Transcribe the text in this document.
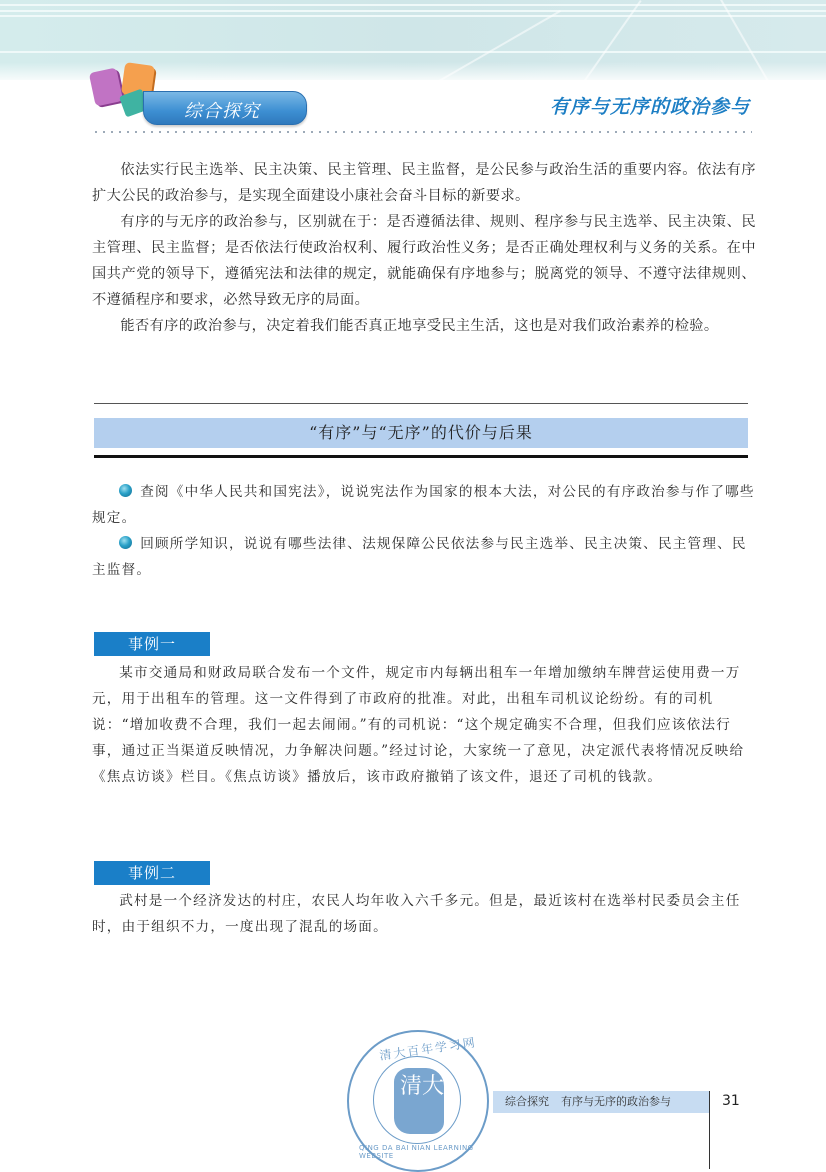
综合探究	有序与无序的政治参与

依法实行民主选举、民主决策、民主管理、民主监督，是公民参与政治生活的重要内容。依法有序扩大公民的政治参与，是实现全面建设小康社会奋斗目标的新要求。

有序的与无序的政治参与，区别就在于：是否遵循法律、规则、程序参与民主选举、民主决策、民主管理、民主监督；是否依法行使政治权利、履行政治性义务；是否正确处理权利与义务的关系。在中国共产党的领导下，遵循宪法和法律的规定，就能确保有序地参与；脱离党的领导、不遵守法律规则、不遵循程序和要求，必然导致无序的局面。

能否有序的政治参与，决定着我们能否真正地享受民主生活，这也是对我们政治素养的检验。

“有序”与“无序”的代价与后果

查阅《中华人民共和国宪法》，说说宪法作为国家的根本大法，对公民的有序政治参与作了哪些规定。

回顾所学知识，说说有哪些法律、法规保障公民依法参与民主选举、民主决策、民主管理、民主监督。

事例一

某市交通局和财政局联合发布一个文件，规定市内每辆出租车一年增加缴纳车牌营运使用费一万元，用于出租车的管理。这一文件得到了市政府的批准。对此，出租车司机议论纷纷。有的司机说：“增加收费不合理，我们一起去闹闹。”有的司机说：“这个规定确实不合理，但我们应该依法行事，通过正当渠道反映情况，力争解决问题。”经过讨论，大家统一了意见，决定派代表将情况反映给《焦点访谈》栏目。《焦点访谈》播放后，该市政府撤销了该文件，退还了司机的钱款。

事例二

武村是一个经济发达的村庄，农民人均年收入六千多元。但是，最近该村在选举村民委员会主任时，由于组织不力，一度出现了混乱的场面。

清大百年学习网
清大
QING DA BAI NIAN LEARNING WEBSITE
综合探究 有序与无序的政治参与	31
